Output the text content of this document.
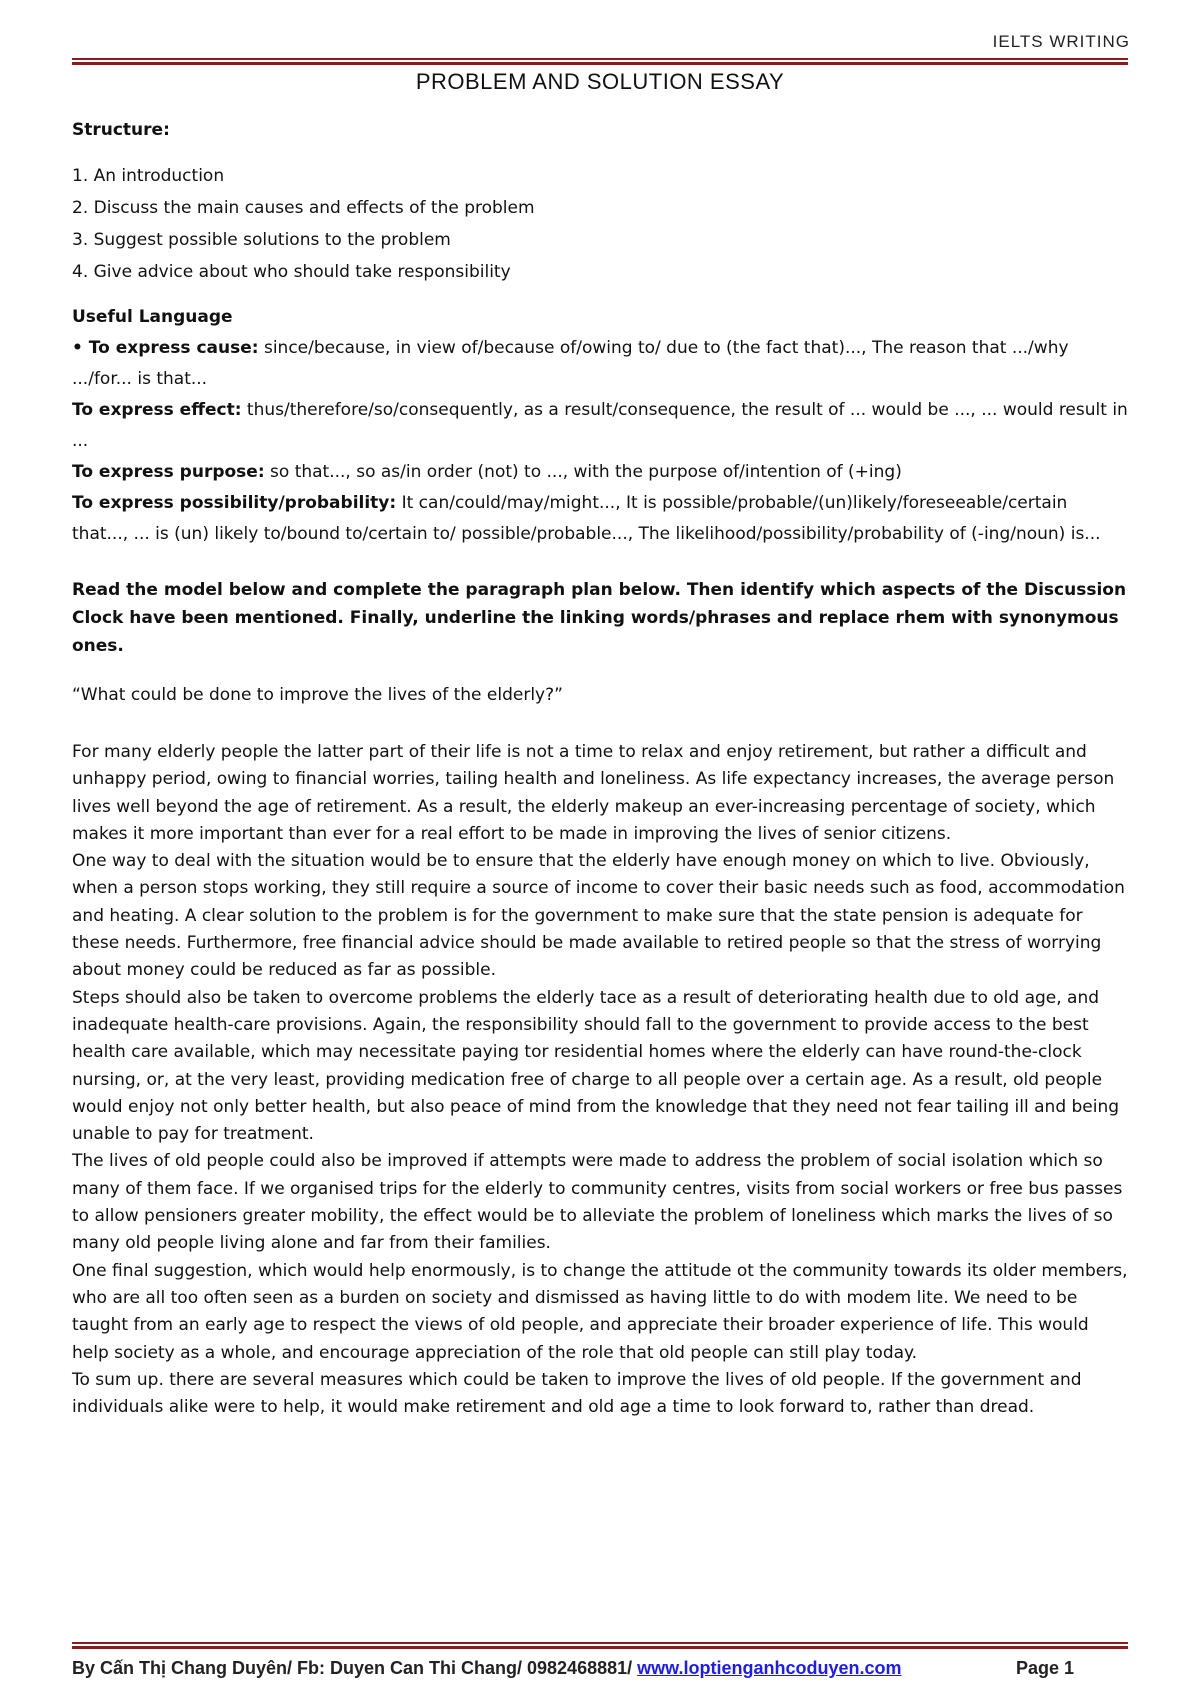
IELTS WRITING
PROBLEM AND SOLUTION ESSAY
Structure:
1. An introduction
2. Discuss the main causes and effects of the problem
3. Suggest possible solutions to the problem
4. Give advice about who should take responsibility
Useful Language

• To express cause: since/because, in view of/because of/owing to/ due to (the fact that)..., The reason that .../why .../for... is that...

To express effect: thus/therefore/so/consequently, as a result/consequence, the result of ... would be ..., ... would result in ...

To express purpose: so that..., so as/in order (not) to ..., with the purpose of/intention of (+ing)

To express possibility/probability: It can/could/may/might..., It is possible/probable/(un)likely/foreseeable/certain that..., ... is (un) likely to/bound to/certain to/ possible/probable..., The likelihood/possibility/probability of (-ing/noun) is...

Read the model below and complete the paragraph plan below. Then identify which aspects of the Discussion Clock have been mentioned. Finally, underline the linking words/phrases and replace rhem with synonymous ones.
“What could be done to improve the lives of the elderly?”

For many elderly people the latter part of their life is not a time to relax and enjoy retirement, but rather a difficult and unhappy period, owing to financial worries, tailing health and loneliness. As life expectancy increases, the average person lives well beyond the age of retirement. As a result, the elderly makeup an ever-increasing percentage of society, which makes it more important than ever for a real effort to be made in improving the lives of senior citizens.

One way to deal with the situation would be to ensure that the elderly have enough money on which to live. Obviously, when a person stops working, they still require a source of income to cover their basic needs such as food, accommodation and heating. A clear solution to the problem is for the government to make sure that the state pension is adequate for these needs. Furthermore, free financial advice should be made available to retired people so that the stress of worrying about money could be reduced as far as possible.

Steps should also be taken to overcome problems the elderly tace as a result of deteriorating health due to old age, and inadequate health-care provisions. Again, the responsibility should fall to the government to provide access to the best health care available, which may necessitate paying tor residential homes where the elderly can have round-the-clock nursing, or, at the very least, providing medication free of charge to all people over a certain age. As a result, old people would enjoy not only better health, but also peace of mind from the knowledge that they need not fear tailing ill and being unable to pay for treatment.

The lives of old people could also be improved if attempts were made to address the problem of social isolation which so many of them face. If we organised trips for the elderly to community centres, visits from social workers or free bus passes to allow pensioners greater mobility, the effect would be to alleviate the problem of loneliness which marks the lives of so many old people living alone and far from their families.

One final suggestion, which would help enormously, is to change the attitude ot the community towards its older members, who are all too often seen as a burden on society and dismissed as having little to do with modem lite. We need to be taught from an early age to respect the views of old people, and appreciate their broader experience of life. This would help society as a whole, and encourage appreciation of the role that old people can still play today.

To sum up. there are several measures which could be taken to improve the lives of old people. If the government and individuals alike were to help, it would make retirement and old age a time to look forward to, rather than dread.

By Cấn Thị Chang Duyên/ Fb: Duyen Can Thi Chang/ 0982468881/ www.loptienganhcoduyen.com	Page 1
